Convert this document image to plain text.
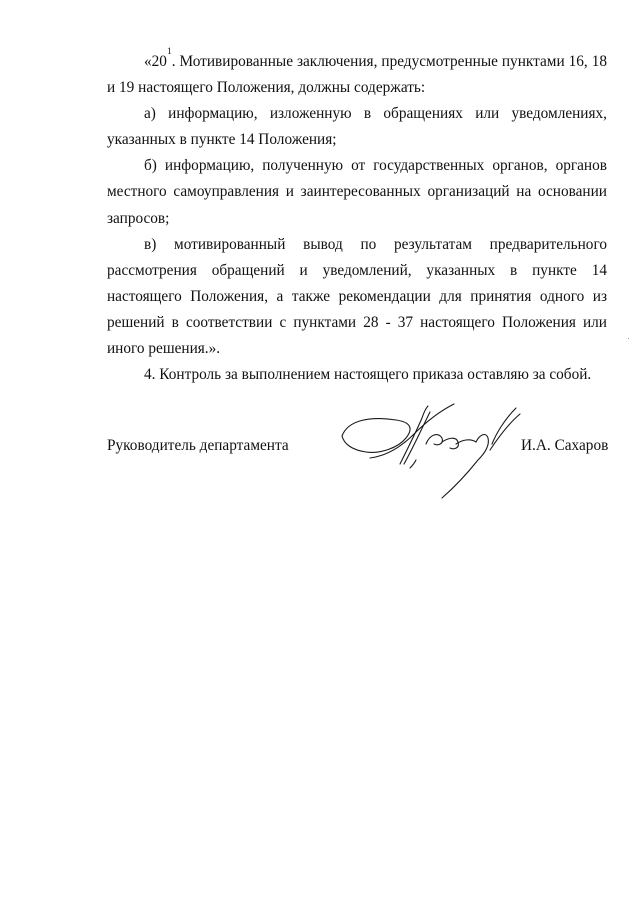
«$20^1$. Мотивированные заключения, предусмотренные пунктами 16, 18 и 19 настоящего Положения, должны содержать:

а) информацию, изложенную в обращениях или уведомлениях, указанных в пункте 14 Положения;

б) информацию, полученную от государственных органов, органов местного самоуправления и заинтересованных организаций на основании запросов;

в) мотивированный вывод по результатам предварительного рассмотрения обращений и уведомлений, указанных в пункте 14 настоящего Положения, а также рекомендации для принятия одного из решений в соответствии с пунктами 28 - 37 настоящего Положения или иного решения.».

4. Контроль за выполнением настоящего приказа оставляю за собой.

Руководитель департамента	И.А. Сахаров
